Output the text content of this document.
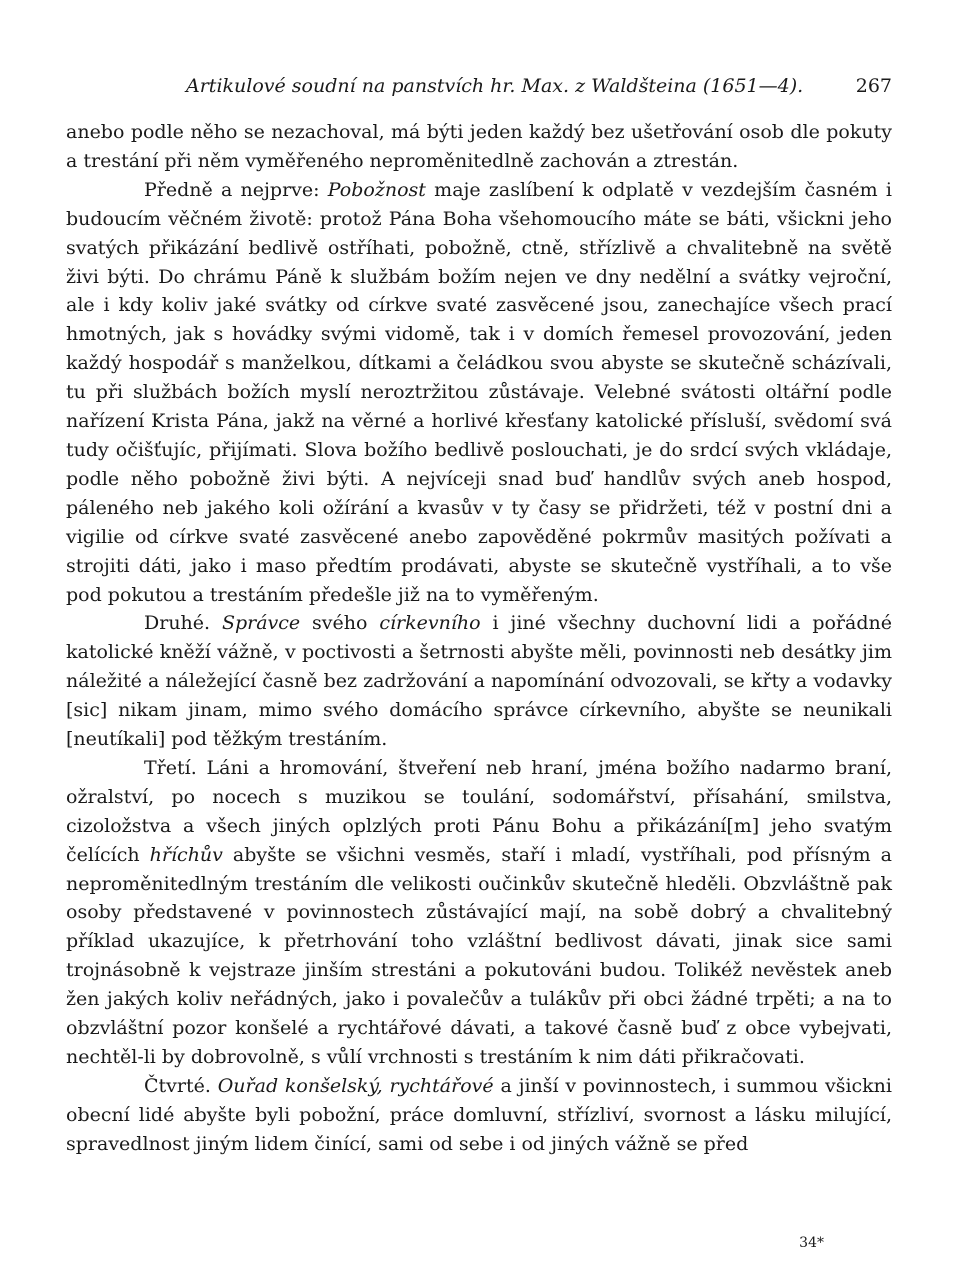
Artikulové soudní na panstvích hr. Max. z Waldšteina (1651—4).	267

anebo podle něho se nezachoval, má býti jeden každý bez ušetřování osob dle pokuty a trestání při něm vyměřeného neproměnitedlně zachován a ztrestán.

Předně a nejprve: Pobožnost maje zaslíbení k odplatě v vezdejším časném i budoucím věčném životě: protož Pána Boha všehomoucího máte se báti, všickni jeho svatých přikázání bedlivě ostříhati, pobožně, ctně, střízlivě a chvalitebně na světě živi býti. Do chrámu Páně k službám božím nejen ve dny nedělní a svátky vejroční, ale i kdy koliv jaké svátky od církve svaté zasvěcené jsou, zanechajíce všech prací hmotných, jak s hovádky svými vidomě, tak i v domích řemesel provozování, jeden každý hospodář s manželkou, dítkami a čeládkou svou abyste se skutečně scházívali, tu při službách božích myslí neroztržitou zůstávaje. Velebné svátosti oltářní podle nařízení Krista Pána, jakž na věrné a horlivé křesťany katolické přísluší, svědomí svá tudy očišťujíc, přijímati. Slova božího bedlivě poslouchati, je do srdcí svých vkládaje, podle něho pobožně živi býti. A nejvíceji snad buď handlův svých aneb hospod, páleného neb jakého koli ožírání a kvasův v ty časy se přidržeti, též v postní dni a vigilie od církve svaté zasvěcené anebo zapověděné pokrmův masitých požívati a strojiti dáti, jako i maso předtím prodávati, abyste se skutečně vystříhali, a to vše pod pokutou a trestáním předešle již na to vyměřeným.

Druhé. Správce svého církevního i jiné všechny duchovní lidi a pořádné katolické kněží vážně, v poctivosti a šetrnosti abyšte měli, povinnosti neb desátky jim náležité a náležející časně bez zadržování a napomínání odvozovali, se křty a vodavky [sic] nikam jinam, mimo svého domácího správce církevního, abyšte se neunikali [neutíkali] pod těžkým trestáním.

Třetí. Láni a hromování, štveření neb hraní, jména božího nadarmo braní, ožralství, po nocech s muzikou se toulání, sodomářství, přísahání, smilstva, cizoložstva a všech jiných oplzlých proti Pánu Bohu a přikázání[m] jeho svatým čelících hříchův abyšte se všichni vesměs, staří i mladí, vystříhali, pod přísným a neproměnitedlným trestáním dle velikosti oučinkův skutečně hleděli. Obzvláštně pak osoby představené v povinnostech zůstávající mají, na sobě dobrý a chvalitebný příklad ukazujíce, k přetrhování toho vzláštní bedlivost dávati, jinak sice sami trojnásobně k vejstraze jinším strestáni a pokutováni budou. Tolikéž nevěstek aneb žen jakých koliv neřádných, jako i povalečův a tulákův při obci žádné trpěti; a na to obzvláštní pozor konšelé a rychtářové dávati, a takové časně buď z obce vybejvati, nechtěl-li by dobrovolně, s vůlí vrchnosti s trestáním k nim dáti přikračovati.

Čtvrté. Ouřad konšelský, rychtářové a jinší v povinnostech, i summou všickni obecní lidé abyšte byli pobožní, práce domluvní, střízliví, svornost a lásku milující, spravedlnost jiným lidem činící, sami od sebe i od jiných vážně se před

34*
